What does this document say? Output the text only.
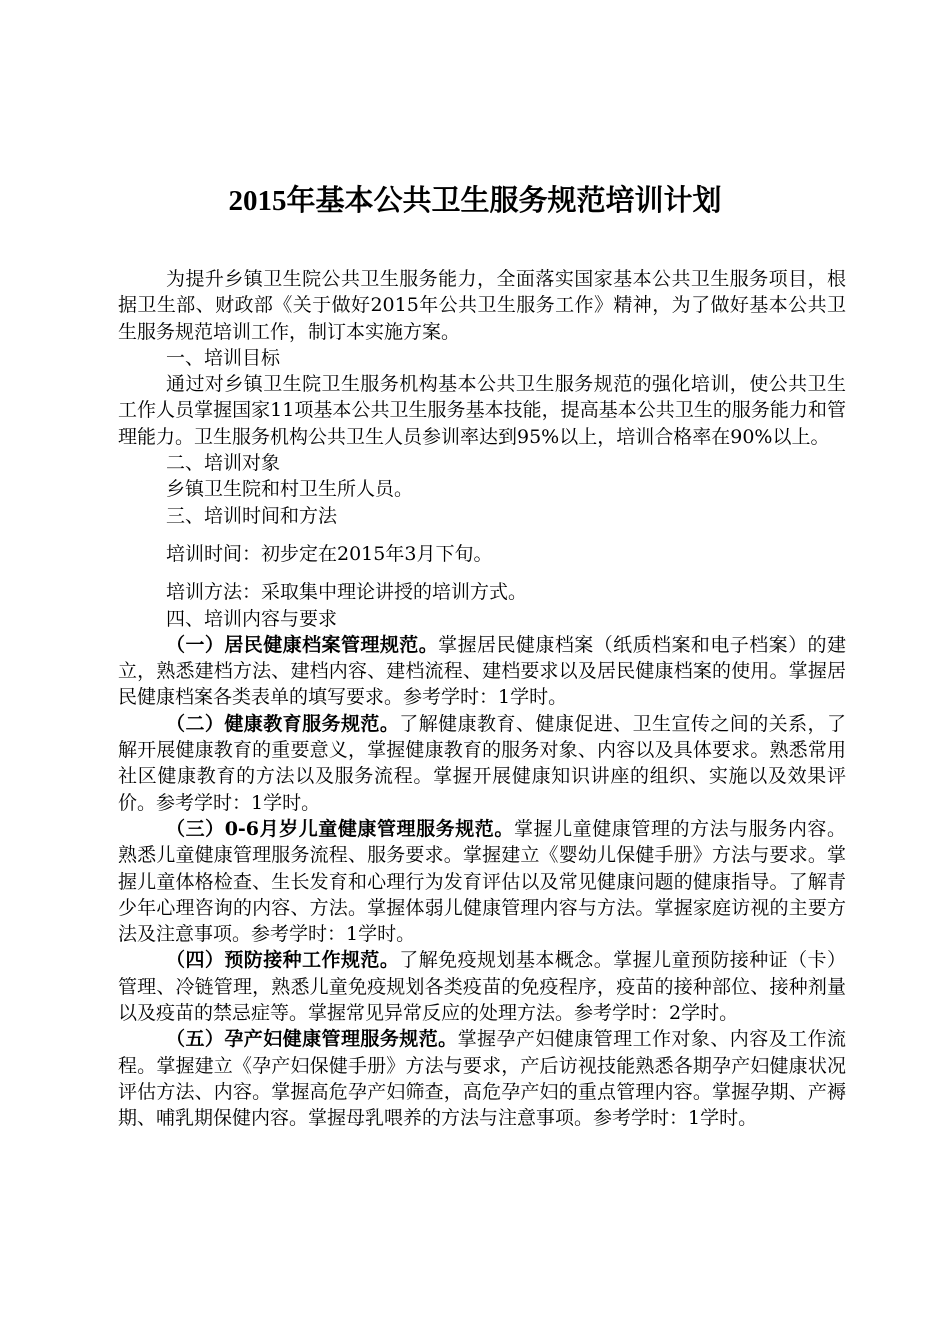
2015年基本公共卫生服务规范培训计划

为提升乡镇卫生院公共卫生服务能力，全面落实国家基本公共卫生服务项目，根据卫生部、财政部《关于做好2015年公共卫生服务工作》精神，为了做好基本公共卫生服务规范培训工作，制订本实施方案。

一、培训目标

通过对乡镇卫生院卫生服务机构基本公共卫生服务规范的强化培训，使公共卫生工作人员掌握国家11项基本公共卫生服务基本技能，提高基本公共卫生的服务能力和管理能力。卫生服务机构公共卫生人员参训率达到95%以上，培训合格率在90%以上。

二、培训对象

乡镇卫生院和村卫生所人员。

三、培训时间和方法

培训时间：初步定在2015年3月下旬。

培训方法：采取集中理论讲授的培训方式。

四、培训内容与要求

（一）居民健康档案管理规范。掌握居民健康档案（纸质档案和电子档案）的建立，熟悉建档方法、建档内容、建档流程、建档要求以及居民健康档案的使用。掌握居民健康档案各类表单的填写要求。参考学时：1学时。

（二）健康教育服务规范。了解健康教育、健康促进、卫生宣传之间的关系，了解开展健康教育的重要意义，掌握健康教育的服务对象、内容以及具体要求。熟悉常用社区健康教育的方法以及服务流程。掌握开展健康知识讲座的组织、实施以及效果评价。参考学时：1学时。

（三）0-6月岁儿童健康管理服务规范。掌握儿童健康管理的方法与服务内容。熟悉儿童健康管理服务流程、服务要求。掌握建立《婴幼儿保健手册》方法与要求。掌握儿童体格检查、生长发育和心理行为发育评估以及常见健康问题的健康指导。了解青少年心理咨询的内容、方法。掌握体弱儿健康管理内容与方法。掌握家庭访视的主要方法及注意事项。参考学时：1学时。

（四）预防接种工作规范。了解免疫规划基本概念。掌握儿童预防接种证（卡）管理、冷链管理，熟悉儿童免疫规划各类疫苗的免疫程序，疫苗的接种部位、接种剂量以及疫苗的禁忌症等。掌握常见异常反应的处理方法。参考学时：2学时。

（五）孕产妇健康管理服务规范。掌握孕产妇健康管理工作对象、内容及工作流程。掌握建立《孕产妇保健手册》方法与要求，产后访视技能熟悉各期孕产妇健康状况评估方法、内容。掌握高危孕产妇筛查，高危孕产妇的重点管理内容。掌握孕期、产褥期、哺乳期保健内容。掌握母乳喂养的方法与注意事项。参考学时：1学时。
